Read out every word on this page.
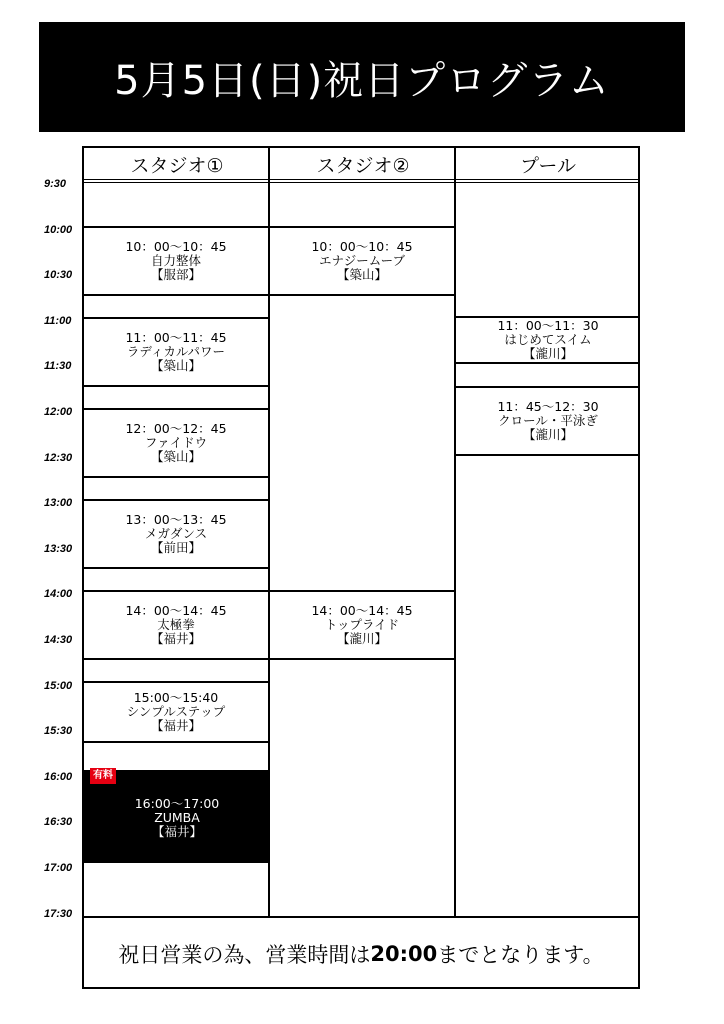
5月5日(日)祝日プログラム
9:30
10:00
10:30
11:00
11:30
12:00
12:30
13:00
13:30
14:00
14:30
15:00
15:30
16:00
16:30
17:00
17:30
スタジオ①	スタジオ②	プール
10：00～10：45
自力整体
【服部】
11：00～11：45
ラディカルパワー
【築山】
12：00～12：45
ファイドウ
【築山】
13：00～13：45
メガダンス
【前田】
14：00～14：45
太極拳
【福井】
15:00～15:40
シンプルステップ
【福井】
16:00～17:00
ZUMBA
【福井】
有料
10：00～10：45
エナジームーブ
【築山】
14：00～14：45
トップライド
【瀧川】
11：00～11：30
はじめてスイム
【瀧川】
11：45～12：30
クロール・平泳ぎ
【瀧川】
祝日営業の為、営業時間は 20:00 までとなります。
